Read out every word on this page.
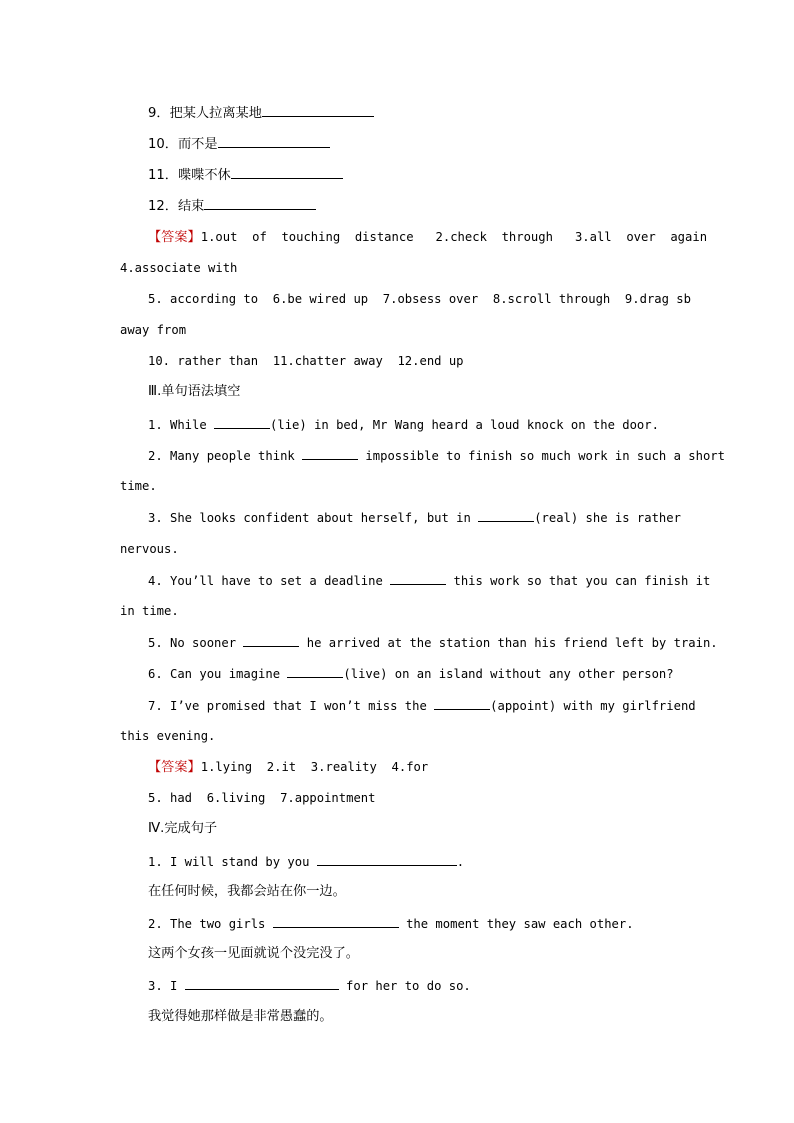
9．把某人拉离某地
10．而不是
11．喋喋不休
12．结束
【答案】1.out  of  touching  distance   2.check  through   3.all  over  again
4.associate with
5. according to  6.be wired up  7.obsess over  8.scroll through  9.drag sb
away from
10. rather than  11.chatter away  12.end up
Ⅲ.单句语法填空
1. While	(lie) in bed, Mr Wang heard a loud knock on the door.
2. Many people think	impossible to finish so much work in such a short
time.
3. She looks confident about herself, but in	(real) she is rather
nervous.
4. You’ll have to set a deadline	this work so that you can finish it
in time.
5. No sooner	he arrived at the station than his friend left by train.
6. Can you imagine	(live) on an island without any other person?
7. I’ve promised that I won’t miss the	(appoint) with my girlfriend
this evening.
【答案】1.lying  2.it  3.reality  4.for
5. had  6.living  7.appointment
Ⅳ.完成句子
1. I will stand by you	.
在任何时候，我都会站在你一边。
2. The two girls	the moment they saw each other.
这两个女孩一见面就说个没完没了。
3. I	for her to do so.
我觉得她那样做是非常愚蠢的。
